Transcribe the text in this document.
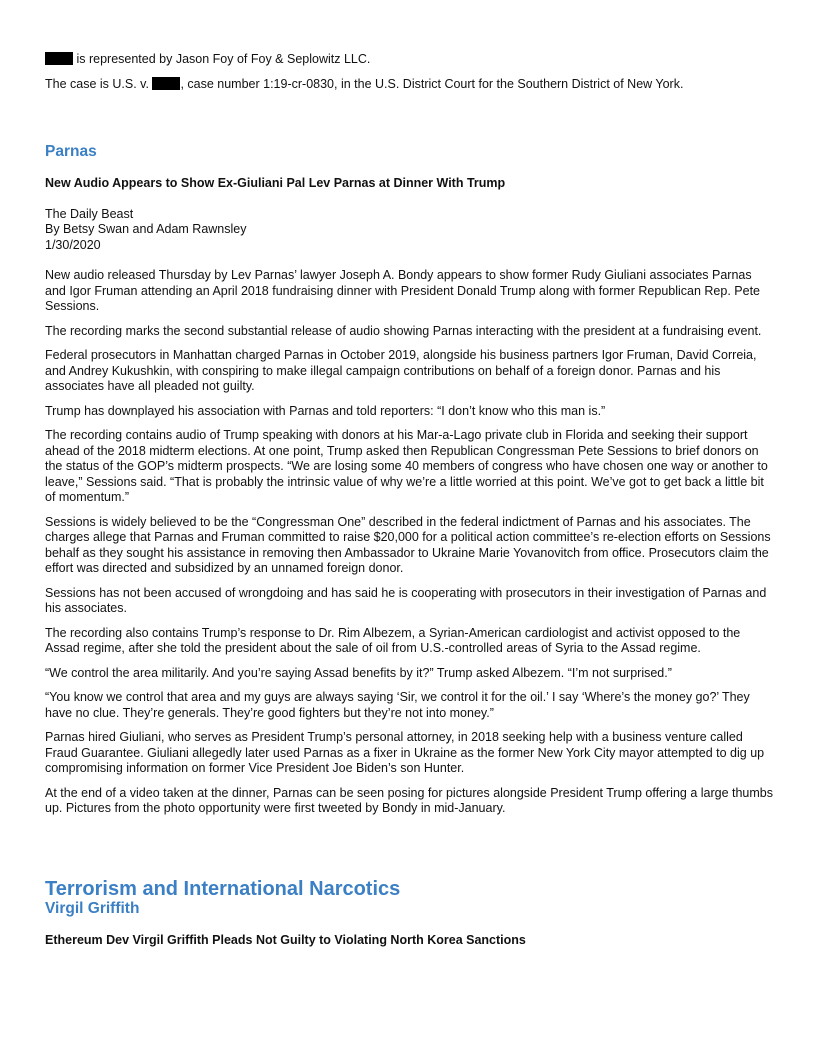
is represented by Jason Foy of Foy & Seplowitz LLC.

The case is U.S. v. , case number 1:19-cr-0830, in the U.S. District Court for the Southern District of New York.

Parnas
New Audio Appears to Show Ex-Giuliani Pal Lev Parnas at Dinner With Trump
The Daily Beast
By Betsy Swan and Adam Rawnsley
1/30/2020

New audio released Thursday by Lev Parnas’ lawyer Joseph A. Bondy appears to show former Rudy Giuliani associates Parnas and Igor Fruman attending an April 2018 fundraising dinner with President Donald Trump along with former Republican Rep. Pete Sessions.

The recording marks the second substantial release of audio showing Parnas interacting with the president at a fundraising event.

Federal prosecutors in Manhattan charged Parnas in October 2019, alongside his business partners Igor Fruman, David Correia, and Andrey Kukushkin, with conspiring to make illegal campaign contributions on behalf of a foreign donor. Parnas and his associates have all pleaded not guilty.

Trump has downplayed his association with Parnas and told reporters: “I don’t know who this man is.”

The recording contains audio of Trump speaking with donors at his Mar-a-Lago private club in Florida and seeking their support ahead of the 2018 midterm elections. At one point, Trump asked then Republican Congressman Pete Sessions to brief donors on the status of the GOP’s midterm prospects. “We are losing some 40 members of congress who have chosen one way or another to leave,” Sessions said. “That is probably the intrinsic value of why we’re a little worried at this point. We’ve got to get back a little bit of momentum.”

Sessions is widely believed to be the “Congressman One” described in the federal indictment of Parnas and his associates. The charges allege that Parnas and Fruman committed to raise $20,000 for a political action committee’s re-election efforts on Sessions behalf as they sought his assistance in removing then Ambassador to Ukraine Marie Yovanovitch from office. Prosecutors claim the effort was directed and subsidized by an unnamed foreign donor.

Sessions has not been accused of wrongdoing and has said he is cooperating with prosecutors in their investigation of Parnas and his associates.

The recording also contains Trump’s response to Dr. Rim Albezem, a Syrian-American cardiologist and activist opposed to the Assad regime, after she told the president about the sale of oil from U.S.-controlled areas of Syria to the Assad regime.

“We control the area militarily. And you’re saying Assad benefits by it?” Trump asked Albezem. “I’m not surprised.”

“You know we control that area and my guys are always saying ‘Sir, we control it for the oil.’ I say ‘Where’s the money go?’ They have no clue. They’re generals. They’re good fighters but they’re not into money.”

Parnas hired Giuliani, who serves as President Trump’s personal attorney, in 2018 seeking help with a business venture called Fraud Guarantee. Giuliani allegedly later used Parnas as a fixer in Ukraine as the former New York City mayor attempted to dig up compromising information on former Vice President Joe Biden’s son Hunter.

At the end of a video taken at the dinner, Parnas can be seen posing for pictures alongside President Trump offering a large thumbs up. Pictures from the photo opportunity were first tweeted by Bondy in mid-January.

Terrorism and International Narcotics
Virgil Griffith
Ethereum Dev Virgil Griffith Pleads Not Guilty to Violating North Korea Sanctions
